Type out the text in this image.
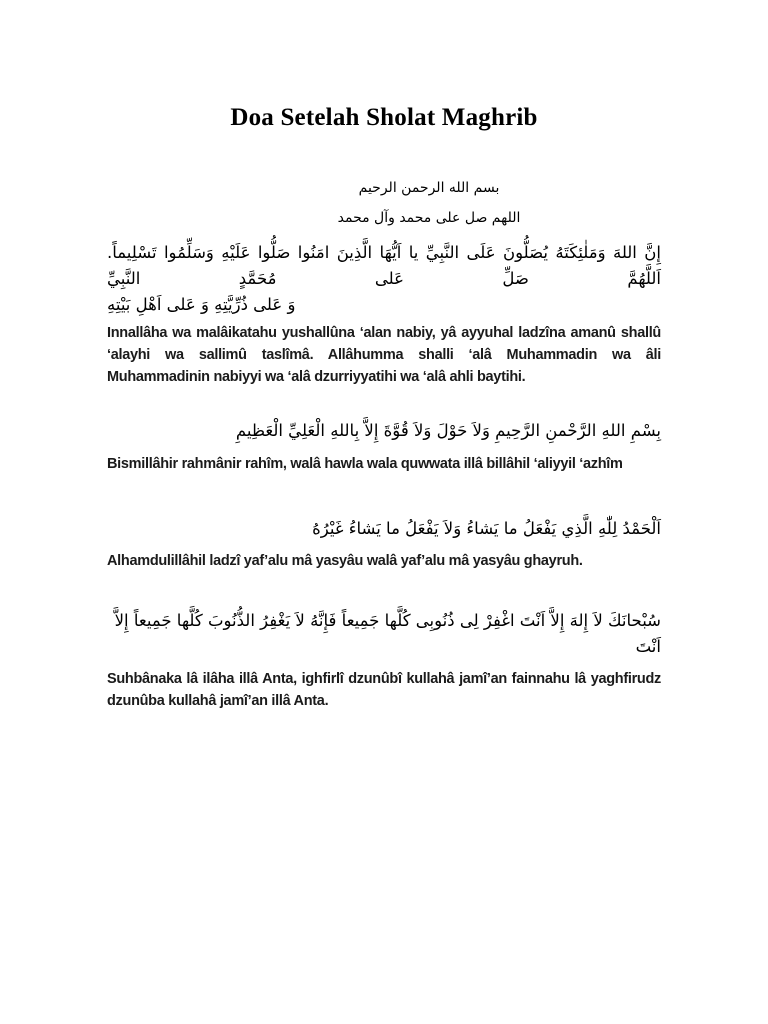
Doa Setelah Sholat Maghrib
بسم الله الرحمن الرحيم
اللهم صل على محمد وآل محمد
إِنَّ اللهَ وَمَلٰئِكَتَهُ يُصَلُّونَ عَلَى النَّبِيِّ يا اَيُّهَا الَّذِينَ امَنُوا صَلُّوا عَلَيْهِ وَسَلِّمُوا تَسْلِيماً. اَللَّهُمَّ صَلِّ عَلى مُحَمَّدٍ النَّبِيِّ
وَ عَلى ذُرِّيَّتِهِ وَ عَلى اَهْلِ بَيْتِهِ

Innallâha wa malâikatahu yushallûna ‘alan nabiy, yâ ayyuhal ladzîna amanû shallû ‘alayhi wa sallimû taslîmâ. Allâhumma shalli ‘alâ Muhammadin wa âli Muhammadinin nabiyyi wa ‘alâ dzurriyyatihi wa ‘alâ ahli baytihi.

بِسْمِ اللهِ الرَّحْمنِ الرَّحِيمِ وَلاَ حَوْلَ وَلاَ قُوَّةَ إِلاَّ بِاللهِ الْعَلِيِّ الْعَظِيمِ

Bismillâhir rahmânir rahîm, walâ hawla wala quwwata illâ billâhil ‘aliyyil ‘azhîm

اَلْحَمْدُ لِلّٰهِ الَّذِي يَفْعَلُ ما يَشاءُ وَلاَ يَفْعَلُ ما يَشاءُ غَيْرُهُ

Alhamdulillâhil ladzî yaf’alu mâ yasyâu walâ yaf’alu mâ yasyâu ghayruh.

سُبْحانَكَ لاَ إِلهَ إِلاَّ اَنْتَ اغْفِرْ لِى ذُنُوبِى كُلَّها جَمِيعاً فَإِنَّهُ لاَ يَغْفِرُ الذُّنُوبَ كُلَّها جَمِيعاً إِلاَّ اَنْتَ

Suhbânaka lâ ilâha illâ Anta, ighfirlî dzunûbî kullahâ jamî’an fainnahu lâ yaghfirudz dzunûba kullahâ jamî’an illâ Anta.
